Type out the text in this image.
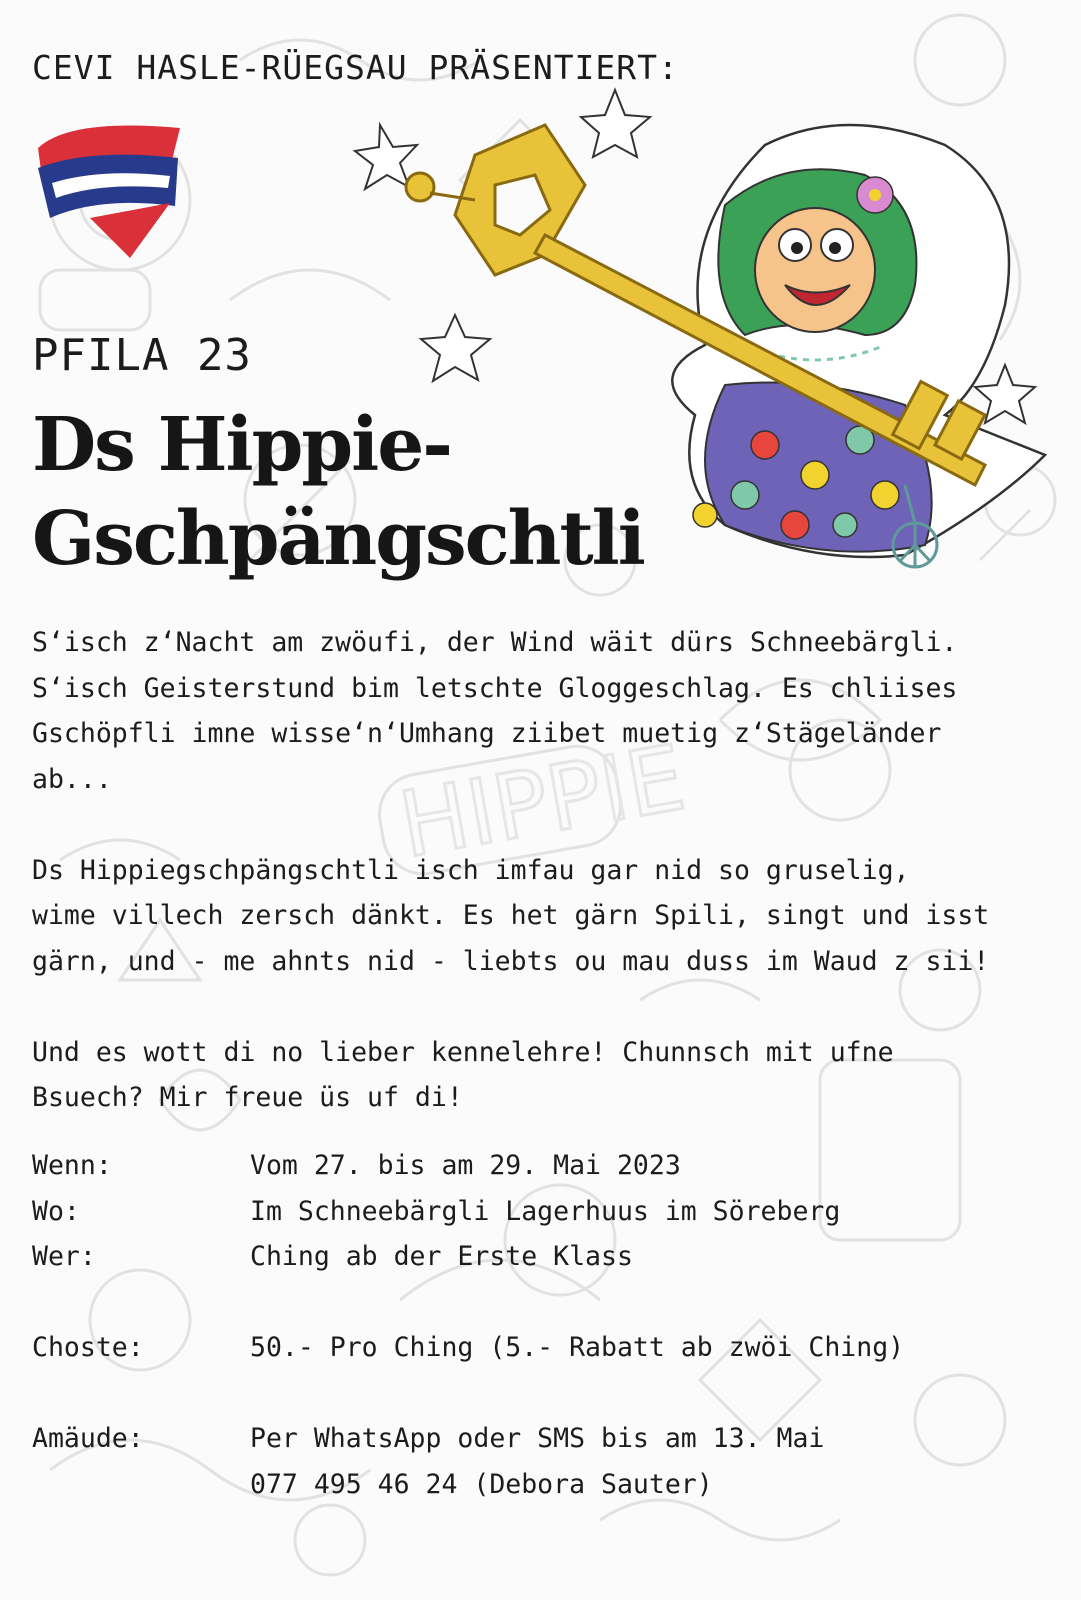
HIPPIE
CEVI HASLE-RÜEGSAU PRÄSENTIERT:
PFILA 23
Ds Hippie-
Gschpängschtli

S‘isch z‘Nacht am zwöufi, der Wind wäit dürs Schneebärgli.
S‘isch Geisterstund bim letschte Gloggeschlag. Es chliises
Gschöpfli imne wisse‘n‘Umhang ziibet muetig z‘Stägeländer
ab...

Ds Hippiegschpängschtli isch imfau gar nid so gruselig,
wime villech zersch dänkt. Es het gärn Spili, singt und isst
gärn, und - me ahnts nid - liebts ou mau duss im Waud z sii!

Und es wott di no lieber kennelehre! Chunnsch mit ufne
Bsuech? Mir freue üs uf di!

Wenn:	Vom 27. bis am 29. Mai 2023
Wo:	Im Schneebärgli Lagerhuus im Söreberg
Wer:	Ching ab der Erste Klass
Choste:	50.- Pro Ching (5.- Rabatt ab zwöi Ching)
Amäude:	Per WhatsApp oder SMS bis am 13. Mai
077 495 46 24 (Debora Sauter)
